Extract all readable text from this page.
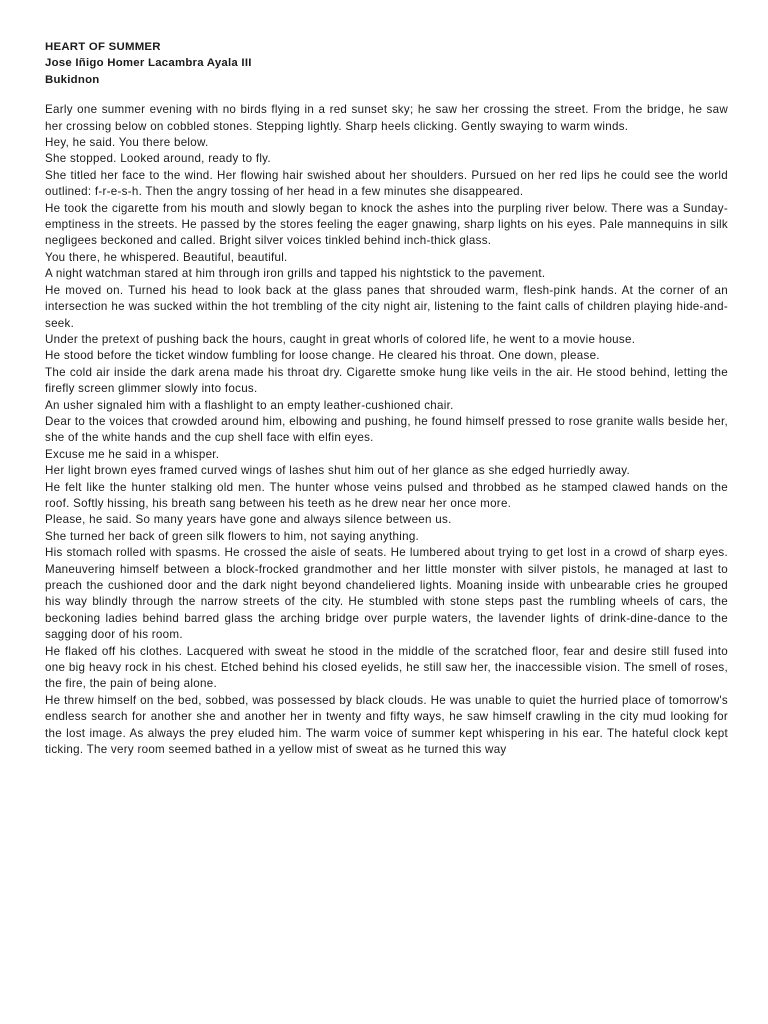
HEART OF SUMMER
Jose Iñigo Homer Lacambra Ayala III
Bukidnon

Early one summer evening with no birds flying in a red sunset sky; he saw her crossing the street. From the bridge, he saw her crossing below on cobbled stones. Stepping lightly. Sharp heels clicking. Gently swaying to warm winds.

Hey, he said. You there below.

She stopped. Looked around, ready to fly.

She titled her face to the wind. Her flowing hair swished about her shoulders. Pursued on her red lips he could see the world outlined: f-r-e-s-h. Then the angry tossing of her head in a few minutes she disappeared.

He took the cigarette from his mouth and slowly began to knock the ashes into the purpling river below. There was a Sunday-emptiness in the streets. He passed by the stores feeling the eager gnawing, sharp lights on his eyes. Pale mannequins in silk negligees beckoned and called. Bright silver voices tinkled behind inch-thick glass.

You there, he whispered. Beautiful, beautiful.

A night watchman stared at him through iron grills and tapped his nightstick to the pavement.

He moved on. Turned his head to look back at the glass panes that shrouded warm, flesh-pink hands. At the corner of an intersection he was sucked within the hot trembling of the city night air, listening to the faint calls of children playing hide-and-seek.

Under the pretext of pushing back the hours, caught in great whorls of colored life, he went to a movie house.

He stood before the ticket window fumbling for loose change. He cleared his throat. One down, please.

The cold air inside the dark arena made his throat dry. Cigarette smoke hung like veils in the air. He stood behind, letting the firefly screen glimmer slowly into focus.

An usher signaled him with a flashlight to an empty leather-cushioned chair.

Dear to the voices that crowded around him, elbowing and pushing, he found himself pressed to rose granite walls beside her, she of the white hands and the cup shell face with elfin eyes.

Excuse me he said in a whisper.

Her light brown eyes framed curved wings of lashes shut him out of her glance as she edged hurriedly away.

He felt like the hunter stalking old men. The hunter whose veins pulsed and throbbed as he stamped clawed hands on the roof. Softly hissing, his breath sang between his teeth as he drew near her once more.

Please, he said. So many years have gone and always silence between us.

She turned her back of green silk flowers to him, not saying anything.

His stomach rolled with spasms. He crossed the aisle of seats. He lumbered about trying to get lost in a crowd of sharp eyes. Maneuvering himself between a block-frocked grandmother and her little monster with silver pistols, he managed at last to preach the cushioned door and the dark night beyond chandeliered lights. Moaning inside with unbearable cries he grouped his way blindly through the narrow streets of the city. He stumbled with stone steps past the rumbling wheels of cars, the beckoning ladies behind barred glass the arching bridge over purple waters, the lavender lights of drink-dine-dance to the sagging door of his room.

He flaked off his clothes. Lacquered with sweat he stood in the middle of the scratched floor, fear and desire still fused into one big heavy rock in his chest. Etched behind his closed eyelids, he still saw her, the inaccessible vision. The smell of roses, the fire, the pain of being alone.

He threw himself on the bed, sobbed, was possessed by black clouds. He was unable to quiet the hurried place of tomorrow's endless search for another she and another her in twenty and fifty ways, he saw himself crawling in the city mud looking for the lost image. As always the prey eluded him. The warm voice of summer kept whispering in his ear. The hateful clock kept ticking. The very room seemed bathed in a yellow mist of sweat as he turned this way
